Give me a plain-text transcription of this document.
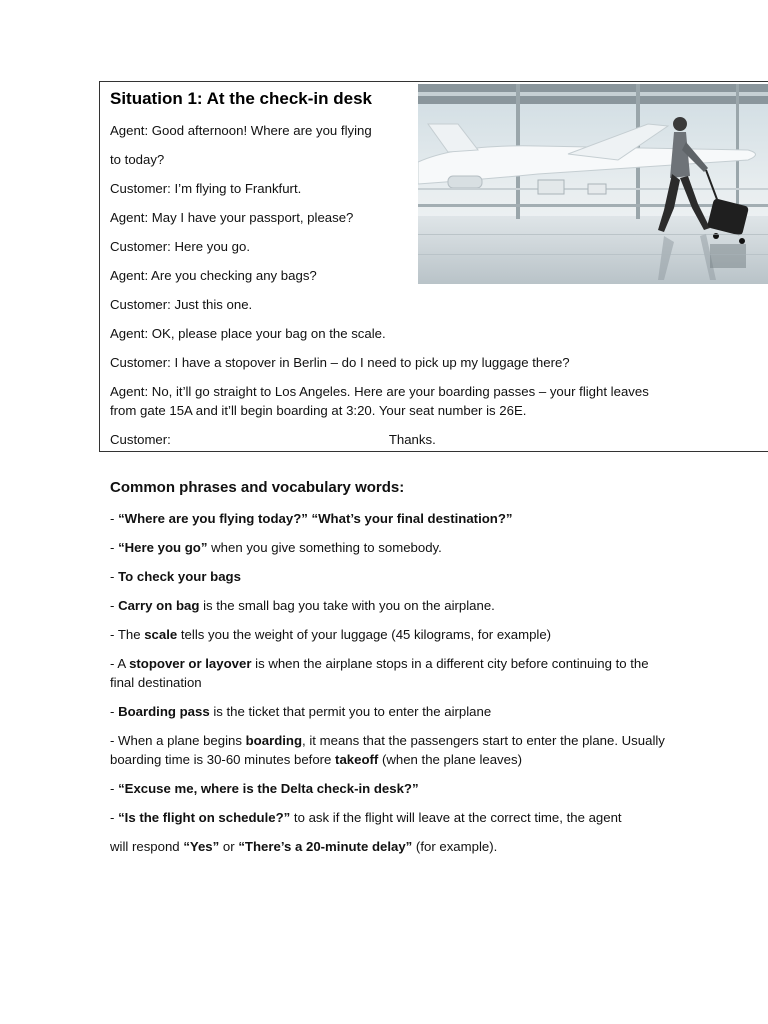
Situation 1: At the check-in desk
Agent: Good afternoon! Where are you flying
to today?
Customer: I’m flying to Frankfurt.
Agent: May I have your passport, please?
Customer: Here you go.
Agent: Are you checking any bags?
Customer: Just this one.
Agent: OK, please place your bag on the scale.
Customer: I have a stopover in Berlin – do I need to pick up my luggage there?
Agent: No, it’ll go straight to Los Angeles. Here are your boarding passes – your flight leaves from gate 15A and it’ll begin boarding at 3:20. Your seat number is 26E.
Customer:	Thanks.
Common phrases and vocabulary words:
- “Where are you flying today?” “What’s your final destination?”
- “Here you go” when you give something to somebody.
- To check your bags
- Carry on bag is the small bag you take with you on the airplane.
- The scale tells you the weight of your luggage (45 kilograms, for example)
- A stopover or layover is when the airplane stops in a different city before continuing to the final destination
- Boarding pass is the ticket that permit you to enter the airplane
- When a plane begins boarding, it means that the passengers start to enter the plane. Usually boarding time is 30-60 minutes before takeoff (when the plane leaves)
- “Excuse me, where is the Delta check-in desk?”
- “Is the flight on schedule?” to ask if the flight will leave at the correct time, the agent
will respond “Yes” or “There’s a 20-minute delay” (for example).
